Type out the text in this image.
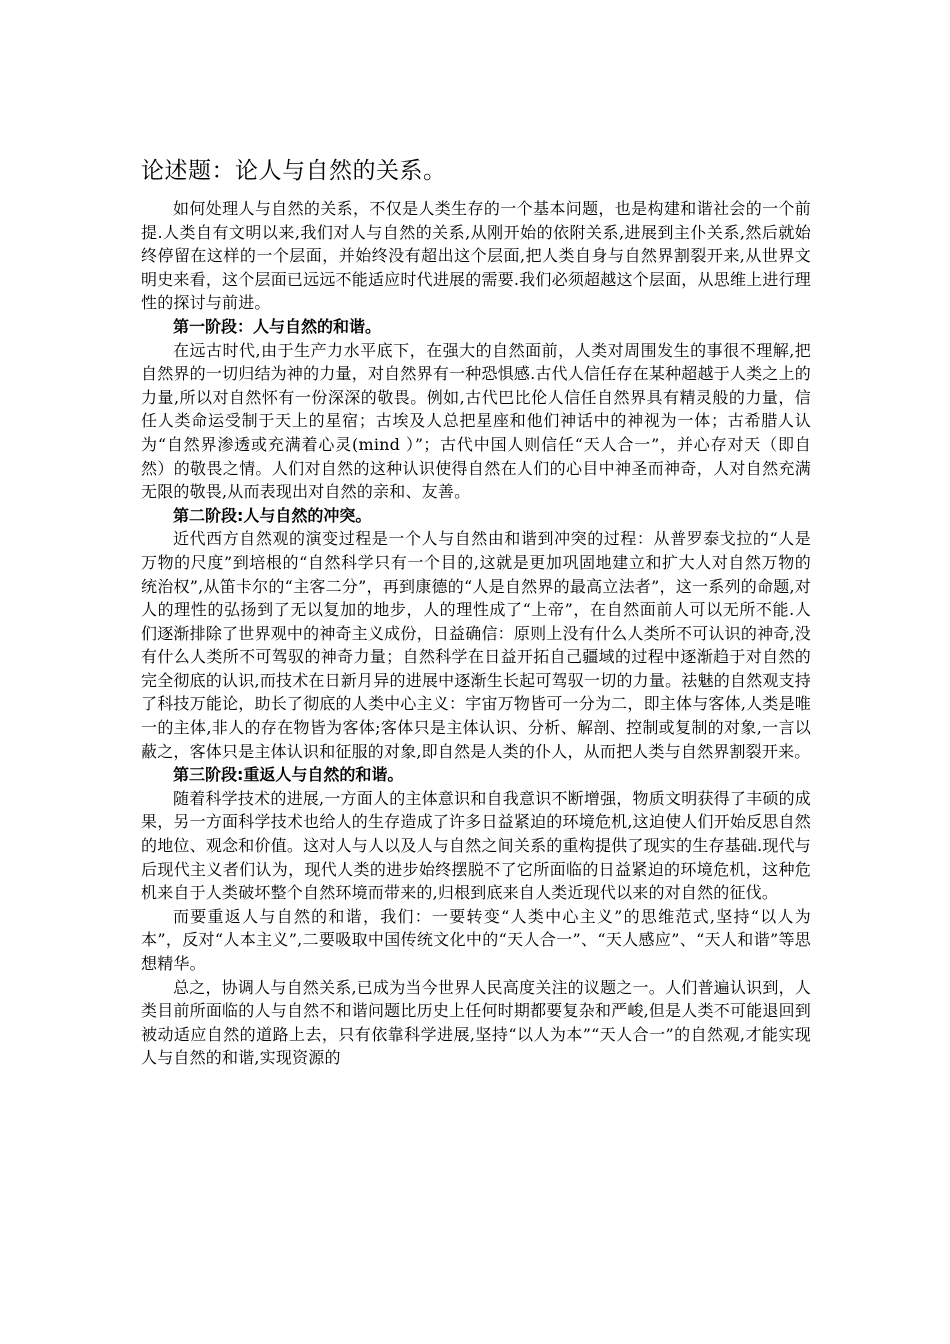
论述题：论人与自然的关系。

如何处理人与自然的关系，不仅是人类生存的一个基本问题，也是构建和谐社会的一个前提.人类自有文明以来,我们对人与自然的关系,从刚开始的依附关系,进展到主仆关系,然后就始终停留在这样的一个层面，并始终没有超出这个层面,把人类自身与自然界割裂开来,从世界文明史来看，这个层面已远远不能适应时代进展的需要.我们必须超越这个层面，从思维上进行理性的探讨与前进。

第一阶段：人与自然的和谐。

在远古时代,由于生产力水平底下，在强大的自然面前，人类对周围发生的事很不理解,把自然界的一切归结为神的力量，对自然界有一种恐惧感.古代人信任存在某种超越于人类之上的力量,所以对自然怀有一份深深的敬畏。例如,古代巴比伦人信任自然界具有精灵般的力量，信任人类命运受制于天上的星宿；古埃及人总把星座和他们神话中的神视为一体；古希腊人认为“自然界渗透或充满着心灵(mind ）”；古代中国人则信任“天人合一”，并心存对天（即自然）的敬畏之情。人们对自然的这种认识使得自然在人们的心目中神圣而神奇，人对自然充满无限的敬畏,从而表现出对自然的亲和、友善。

第二阶段:人与自然的冲突。

近代西方自然观的演变过程是一个人与自然由和谐到冲突的过程：从普罗泰戈拉的“人是万物的尺度”到培根的“自然科学只有一个目的,这就是更加巩固地建立和扩大人对自然万物的统治权”,从笛卡尔的“主客二分”，再到康德的“人是自然界的最高立法者”，这一系列的命题,对人的理性的弘扬到了无以复加的地步，人的理性成了“上帝”，在自然面前人可以无所不能.人们逐渐排除了世界观中的神奇主义成份，日益确信：原则上没有什么人类所不可认识的神奇,没有什么人类所不可驾驭的神奇力量；自然科学在日益开拓自己疆域的过程中逐渐趋于对自然的完全彻底的认识,而技术在日新月异的进展中逐渐生长起可驾驭一切的力量。祛魅的自然观支持了科技万能论，助长了彻底的人类中心主义：宇宙万物皆可一分为二，即主体与客体,人类是唯一的主体,非人的存在物皆为客体;客体只是主体认识、分析、解剖、控制或复制的对象,一言以蔽之，客体只是主体认识和征服的对象,即自然是人类的仆人，从而把人类与自然界割裂开来。

第三阶段:重返人与自然的和谐。

随着科学技术的进展,一方面人的主体意识和自我意识不断增强，物质文明获得了丰硕的成果，另一方面科学技术也给人的生存造成了许多日益紧迫的环境危机,这迫使人们开始反思自然的地位、观念和价值。这对人与人以及人与自然之间关系的重构提供了现实的生存基础.现代与后现代主义者们认为，现代人类的进步始终摆脱不了它所面临的日益紧迫的环境危机，这种危机来自于人类破坏整个自然环境而带来的,归根到底来自人类近现代以来的对自然的征伐。

而要重返人与自然的和谐，我们：一要转变“人类中心主义”的思维范式,坚持“以人为本”，反对“人本主义”,二要吸取中国传统文化中的“天人合一”、“天人感应”、“天人和谐”等思想精华。

总之，协调人与自然关系,已成为当今世界人民高度关注的议题之一。人们普遍认识到，人类目前所面临的人与自然不和谐问题比历史上任何时期都要复杂和严峻,但是人类不可能退回到被动适应自然的道路上去，只有依靠科学进展,坚持“以人为本”“天人合一”的自然观,才能实现人与自然的和谐,实现资源的
